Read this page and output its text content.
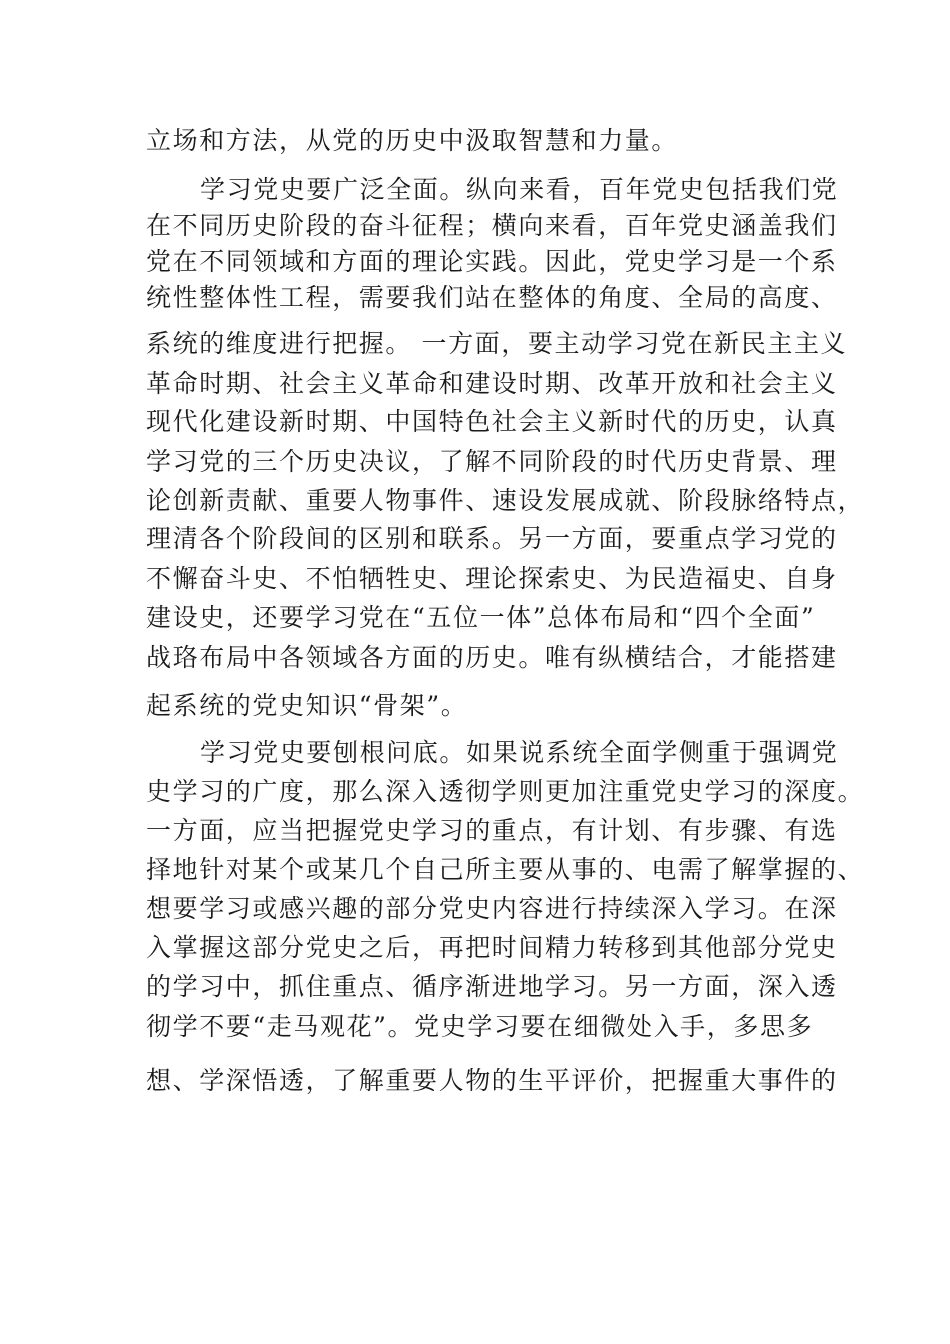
立场和方法，从党的历史中汲取智慧和力量。
学习党史要广泛全面。纵向来看，百年党史包括我们党
在不同历史阶段的奋斗征程；横向来看，百年党史涵盖我们
党在不同领域和方面的理论实践。因此，党史学习是一个系
统性整体性工程，需要我们站在整体的角度、全局的高度、
系统的维度进行把握。 一方面，要主动学习党在新民主主义
革命时期、社会主义革命和建设时期、改革开放和社会主义
现代化建设新时期、中国特色社会主义新时代的历史，认真
学习党的三个历史决议，了解不同阶段的时代历史背景、理
论创新责献、重要人物事件、速设发展成就、阶段脉络特点，
理清各个阶段间的区别和联系。另一方面，要重点学习党的
不懈奋斗史、不怕牺牲史、理论探索史、为民造福史、自身
建设史，还要学习党在“五位一体”总体布局和“四个全面”
战珞布局中各领域各方面的历史。唯有纵横结合，才能搭建
起系统的党史知识“骨架”。
学习党史要刨根问底。如果说系统全面学侧重于强调党
史学习的广度，那么深入透彻学则更加注重党史学习的深度。
一方面，应当把握党史学习的重点，有计划、有步骤、有选
择地针对某个或某几个自己所主要从事的、电需了解掌握的、
想要学习或感兴趣的部分党史内容进行持续深入学习。在深
入掌握这部分党史之后，再把时间精力转移到其他部分党史
的学习中，抓住重点、循序渐进地学习。另一方面，深入透
彻学不要“走马观花”。党史学习要在细微处入手，多思多
想、学深悟透，了解重要人物的生平评价，把握重大事件的
